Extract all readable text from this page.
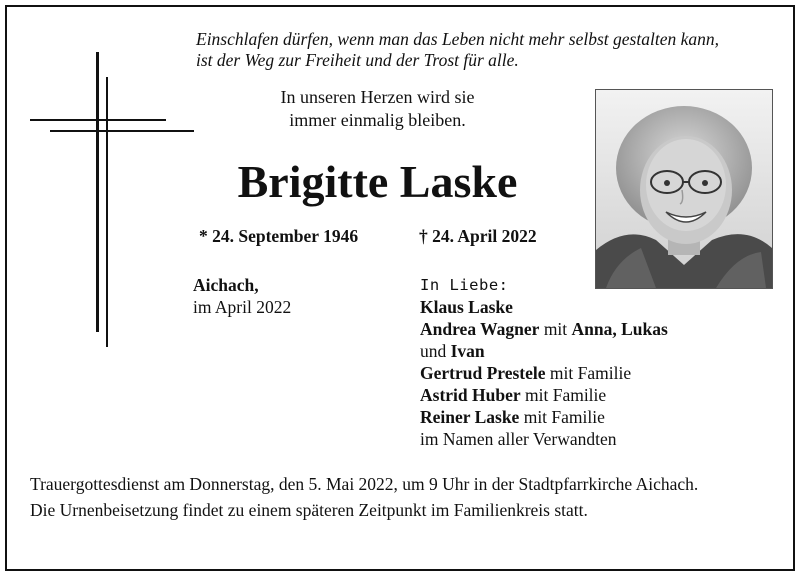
Einschlafen dürfen, wenn man das Leben nicht mehr selbst gestalten kann,
ist der Weg zur Freiheit und der Trost für alle.
In unseren Herzen wird sie
immer einmalig bleiben.
Brigitte Laske
* 24. September 1946	† 24. April 2022
Aichach,
im April 2022
In Liebe:
Klaus Laske
Andrea Wagner mit Anna, Lukas
und Ivan
Gertrud Prestele mit Familie
Astrid Huber mit Familie
Reiner Laske mit Familie
im Namen aller Verwandten

Trauergottesdienst am Donnerstag, den 5. Mai 2022, um 9 Uhr in der Stadtpfarrkirche Aichach.

Die Urnenbeisetzung findet zu einem späteren Zeitpunkt im Familienkreis statt.
